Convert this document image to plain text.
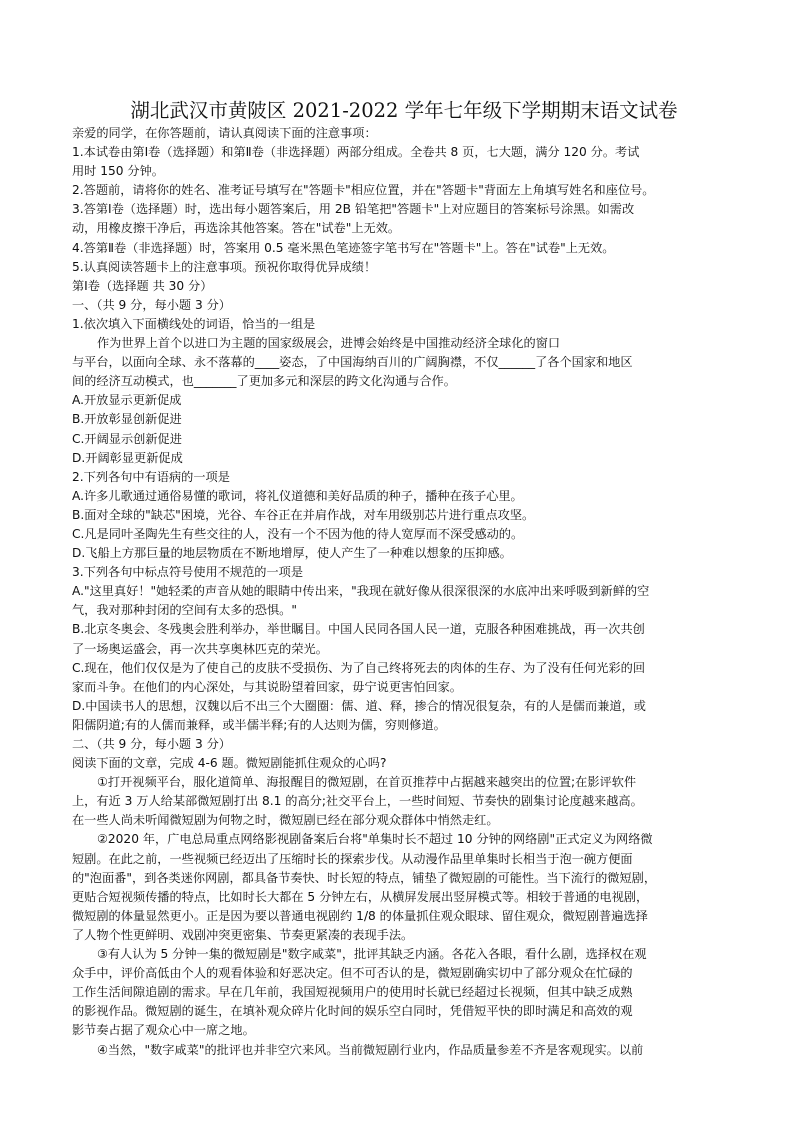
湖北武汉市黄陂区 2021-2022 学年七年级下学期期末语文试卷
亲爱的同学，在你答题前，请认真阅读下面的注意事项：
1.本试卷由第Ⅰ卷（选择题）和第Ⅱ卷（非选择题）两部分组成。全卷共 8 页，七大题，满分 120 分。考试
用时 150 分钟。
2.答题前，请将你的姓名、准考证号填写在"答题卡"相应位置，并在"答题卡"背面左上角填写姓名和座位号。
3.答第Ⅰ卷（选择题）时，选出每小题答案后，用 2B 铅笔把"答题卡"上对应题目的答案标号涂黑。如需改
动，用橡皮擦干净后，再选涂其他答案。答在"试卷"上无效。
4.答第Ⅱ卷（非选择题）时，答案用 0.5 毫米黑色笔迹签字笔书写在"答题卡"上。答在"试卷"上无效。
5.认真阅读答题卡上的注意事项。预祝你取得优异成绩！
第Ⅰ卷（选择题 共 30 分）
一、（共 9 分，每小题 3 分）
1.依次填入下面横线处的词语，恰当的一组是
作为世界上首个以进口为主题的国家级展会，进博会始终是中国推动经济全球化的窗口
与平台，以面向全球、永不落幕的____姿态，了中国海纳百川的广阔胸襟，不仅______了各个国家和地区
间的经济互动模式，也_______了更加多元和深层的跨文化沟通与合作。
A.开放显示更新促成
B.开放彰显创新促进
C.开阔显示创新促进
D.开阔彰显更新促成
2.下列各句中有语病的一项是
A.许多儿歌通过通俗易懂的歌词，将礼仪道德和美好品质的种子，播种在孩子心里。
B.面对全球的"缺芯"困境，光谷、车谷正在并肩作战，对车用级别芯片进行重点攻坚。
C.凡是同叶圣陶先生有些交往的人，没有一个不因为他的待人宽厚而不深受感动的。
D.飞船上方那巨量的地层物质在不断地增厚，使人产生了一种难以想象的压抑感。
3.下列各句中标点符号使用不规范的一项是
A."这里真好！"她轻柔的声音从她的眼睛中传出来，"我现在就好像从很深很深的水底冲出来呼吸到新鲜的空
气，我对那种封闭的空间有太多的恐惧。"
B.北京冬奥会、冬残奥会胜利举办，举世瞩目。中国人民同各国人民一道，克服各种困难挑战，再一次共创
了一场奥运盛会，再一次共享奥林匹克的荣光。
C.现在，他们仅仅是为了使自己的皮肤不受损伤、为了自己终将死去的肉体的生存、为了没有任何光彩的回
家而斗争。在他们的内心深处，与其说盼望着回家，毋宁说更害怕回家。
D.中国读书人的思想，汉魏以后不出三个大圈圈：儒、道、释，掺合的情况很复杂，有的人是儒而兼道，或
阳儒阴道;有的人儒而兼释，或半儒半释;有的人达则为儒，穷则修道。
二、（共 9 分，每小题 3 分）
阅读下面的文章，完成 4-6 题。微短剧能抓住观众的心吗?
①打开视频平台，服化道简单、海报醒目的微短剧，在首页推荐中占据越来越突出的位置;在影评软件
上，有近 3 万人给某部微短剧打出 8.1 的高分;社交平台上，一些时间短、节奏快的剧集讨论度越来越高。
在一些人尚未听闻微短剧为何物之时，微短剧已经在部分观众群体中悄然走红。
②2020 年，广电总局重点网络影视剧备案后台将"单集时长不超过 10 分钟的网络剧"正式定义为网络微
短剧。在此之前，一些视频已经迈出了压缩时长的探索步伐。从动漫作品里单集时长相当于泡一碗方便面
的"泡面番"，到各类迷你网剧，都具备节奏快、时长短的特点，铺垫了微短剧的可能性。当下流行的微短剧，
更贴合短视频传播的特点，比如时长大都在 5 分钟左右，从横屏发展出竖屏模式等。相较于普通的电视剧，
微短剧的体量显然更小。正是因为要以普通电视剧约 1/8 的体量抓住观众眼球、留住观众，微短剧普遍选择
了人物个性更鲜明、戏剧冲突更密集、节奏更紧凑的表现手法。
③有人认为 5 分钟一集的微短剧是"数字咸菜"，批评其缺乏内涵。各花入各眼，看什么剧，选择权在观
众手中，评价高低由个人的观看体验和好恶决定。但不可否认的是，微短剧确实切中了部分观众在忙碌的
工作生活间隙追剧的需求。早在几年前，我国短视频用户的使用时长就已经超过长视频，但其中缺乏成熟
的影视作品。微短剧的诞生，在填补观众碎片化时间的娱乐空白同时，凭借短平快的即时满足和高效的观
影节奏占据了观众心中一席之地。
④当然，"数字咸菜"的批评也并非空穴来风。当前微短剧行业内，作品质量参差不齐是客观现实。以前
